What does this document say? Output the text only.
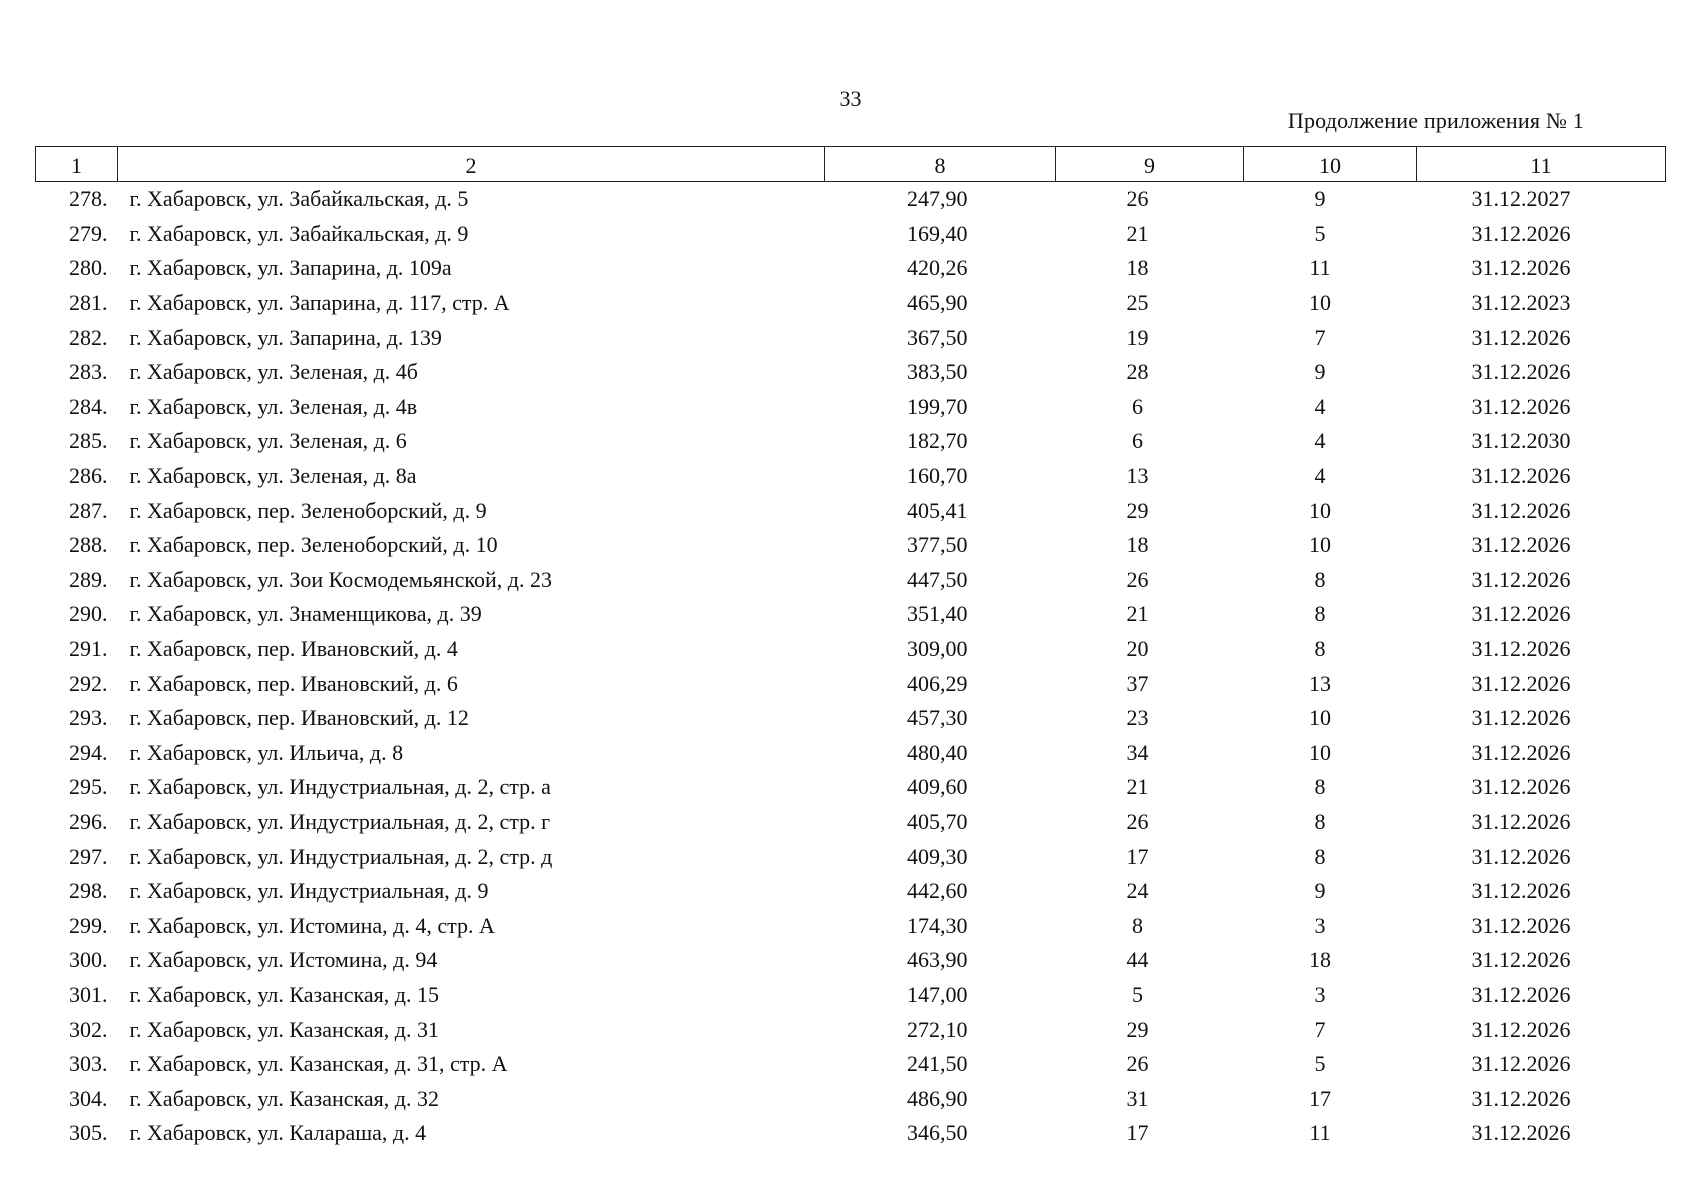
33
Продолжение приложения № 1
1	2	8	9	10	11
278.	г. Хабаровск, ул. Забайкальская, д. 5	247,90	26	9	31.12.2027
279.	г. Хабаровск, ул. Забайкальская, д. 9	169,40	21	5	31.12.2026
280.	г. Хабаровск, ул. Запарина, д. 109а	420,26	18	11	31.12.2026
281.	г. Хабаровск, ул. Запарина, д. 117, стр. А	465,90	25	10	31.12.2023
282.	г. Хабаровск, ул. Запарина, д. 139	367,50	19	7	31.12.2026
283.	г. Хабаровск, ул. Зеленая, д. 4б	383,50	28	9	31.12.2026
284.	г. Хабаровск, ул. Зеленая, д. 4в	199,70	6	4	31.12.2026
285.	г. Хабаровск, ул. Зеленая, д. 6	182,70	6	4	31.12.2030
286.	г. Хабаровск, ул. Зеленая, д. 8а	160,70	13	4	31.12.2026
287.	г. Хабаровск, пер. Зеленоборский, д. 9	405,41	29	10	31.12.2026
288.	г. Хабаровск, пер. Зеленоборский, д. 10	377,50	18	10	31.12.2026
289.	г. Хабаровск, ул. Зои Космодемьянской, д. 23	447,50	26	8	31.12.2026
290.	г. Хабаровск, ул. Знаменщикова, д. 39	351,40	21	8	31.12.2026
291.	г. Хабаровск, пер. Ивановский, д. 4	309,00	20	8	31.12.2026
292.	г. Хабаровск, пер. Ивановский, д. 6	406,29	37	13	31.12.2026
293.	г. Хабаровск, пер. Ивановский, д. 12	457,30	23	10	31.12.2026
294.	г. Хабаровск, ул. Ильича, д. 8	480,40	34	10	31.12.2026
295.	г. Хабаровск, ул. Индустриальная, д. 2, стр. а	409,60	21	8	31.12.2026
296.	г. Хабаровск, ул. Индустриальная, д. 2, стр. г	405,70	26	8	31.12.2026
297.	г. Хабаровск, ул. Индустриальная, д. 2, стр. д	409,30	17	8	31.12.2026
298.	г. Хабаровск, ул. Индустриальная, д. 9	442,60	24	9	31.12.2026
299.	г. Хабаровск, ул. Истомина, д. 4, стр. А	174,30	8	3	31.12.2026
300.	г. Хабаровск, ул. Истомина, д. 94	463,90	44	18	31.12.2026
301.	г. Хабаровск, ул. Казанская, д. 15	147,00	5	3	31.12.2026
302.	г. Хабаровск, ул. Казанская, д. 31	272,10	29	7	31.12.2026
303.	г. Хабаровск, ул. Казанская, д. 31, стр. А	241,50	26	5	31.12.2026
304.	г. Хабаровск, ул. Казанская, д. 32	486,90	31	17	31.12.2026
305.	г. Хабаровск, ул. Калараша, д. 4	346,50	17	11	31.12.2026
